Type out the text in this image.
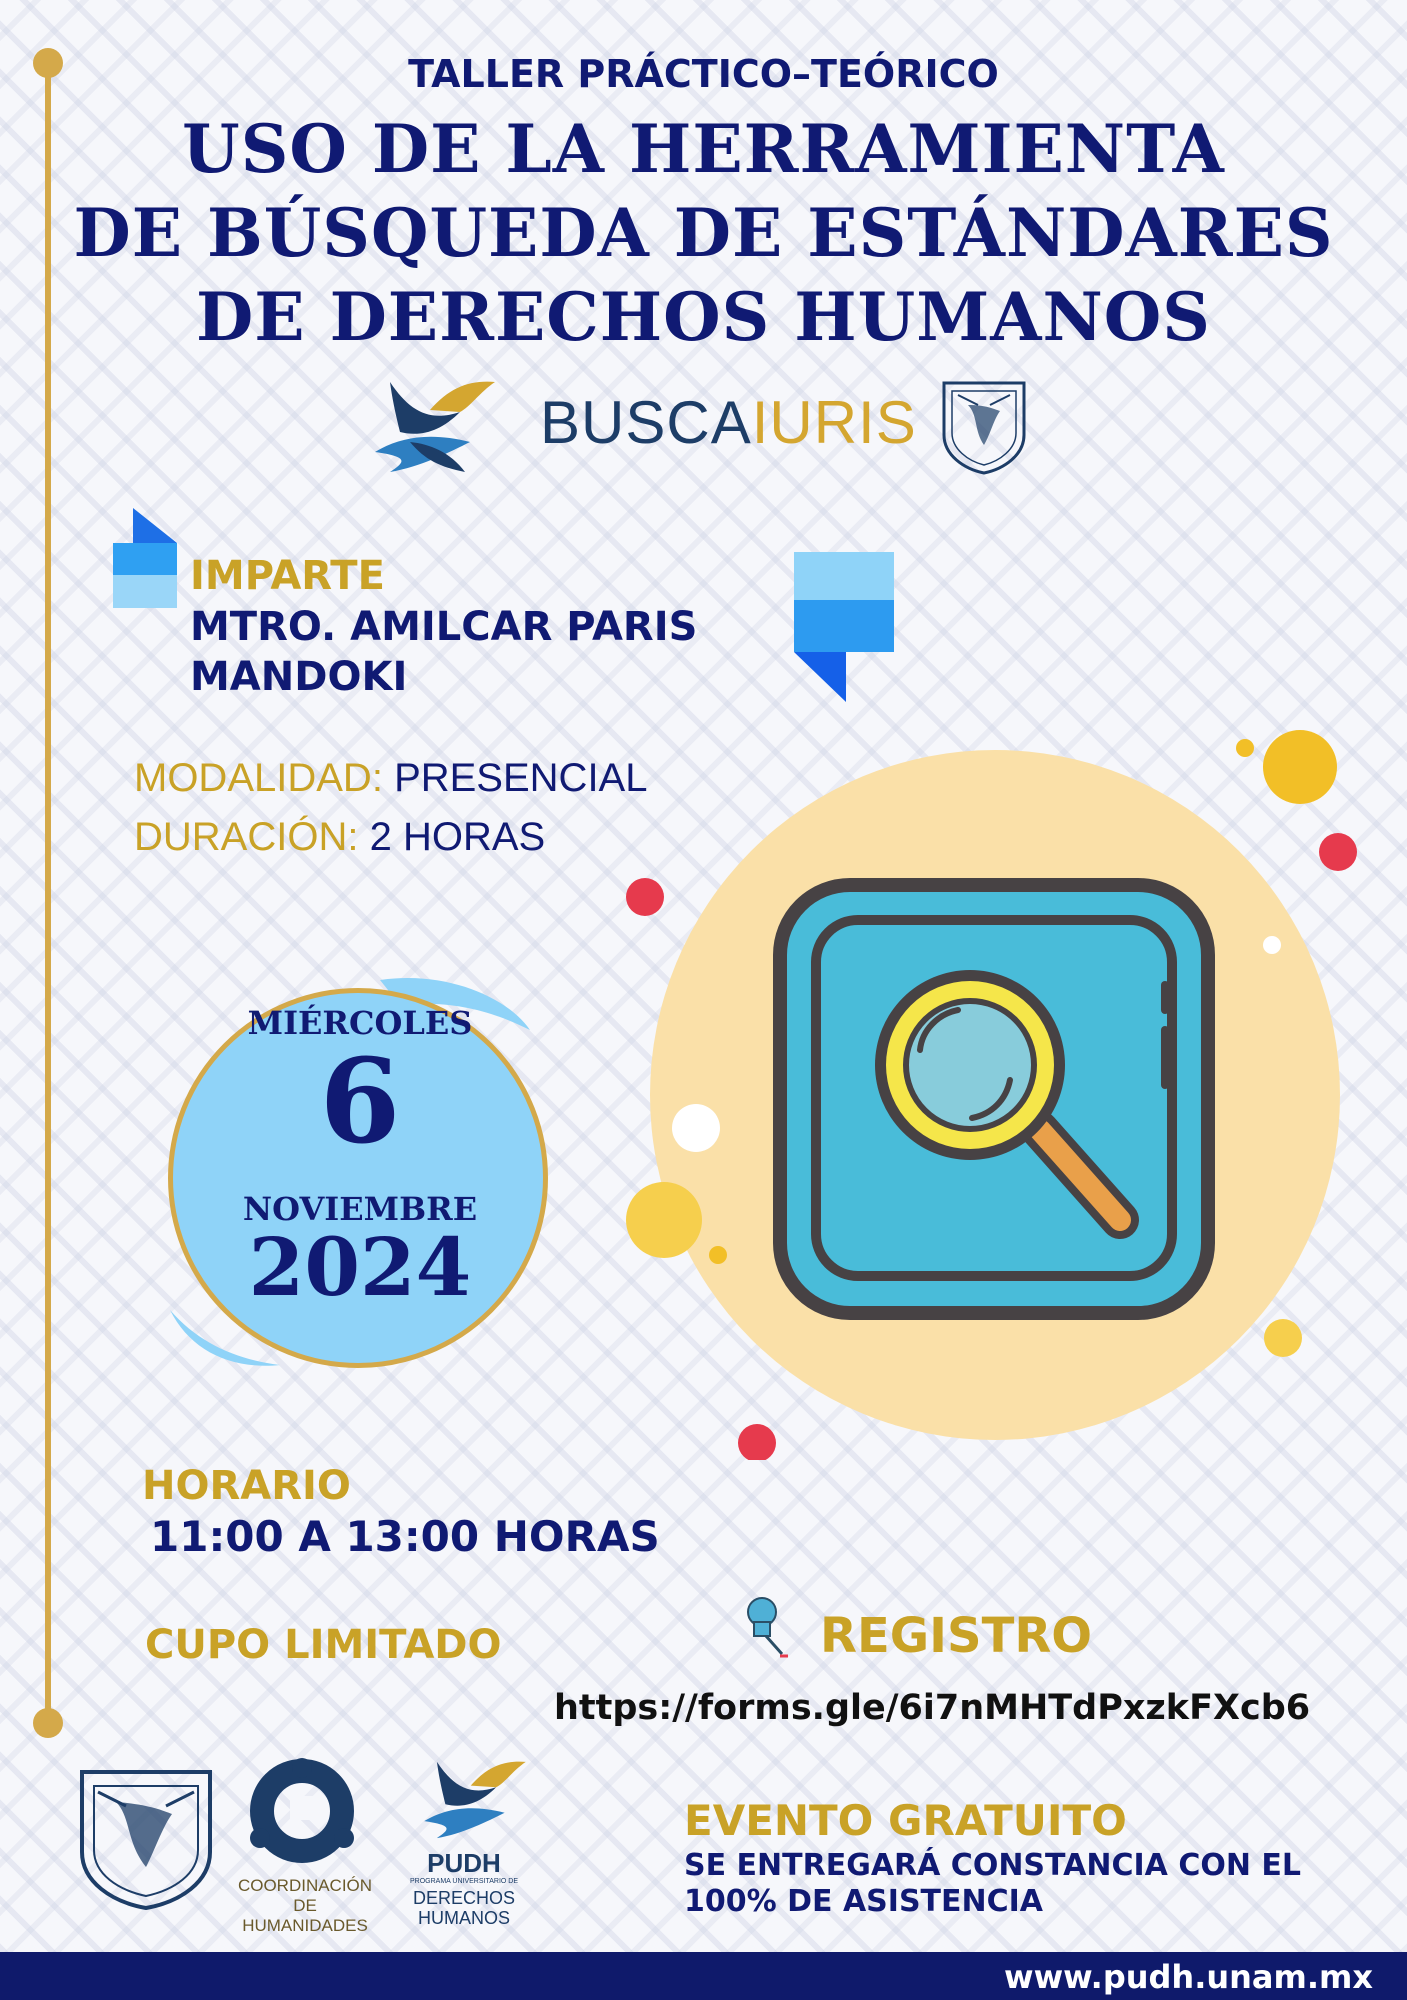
TALLER PRÁCTICO–TEÓRICO
USO DE LA HERRAMIENTA
DE BÚSQUEDA DE ESTÁNDARES
DE DERECHOS HUMANOS
BUSCAIURIS
IMPARTE
MTRO. AMILCAR PARIS
MANDOKI
MODALIDAD: PRESENCIAL
DURACIÓN: 2 HORAS
MIÉRCOLES
6
NOVIEMBRE
2024
HORARIO
11:00 A 13:00 HORAS
CUPO LIMITADO	REGISTRO
https://forms.gle/6i7nMHTdPxzkFXcb6
COORDINACIÓN
DE HUMANIDADES
PUDH
PROGRAMA UNIVERSITARIO DE
DERECHOS
HUMANOS
EVENTO GRATUITO
SE ENTREGARÁ CONSTANCIA CON EL
100% DE ASISTENCIA
www.pudh.unam.mx
